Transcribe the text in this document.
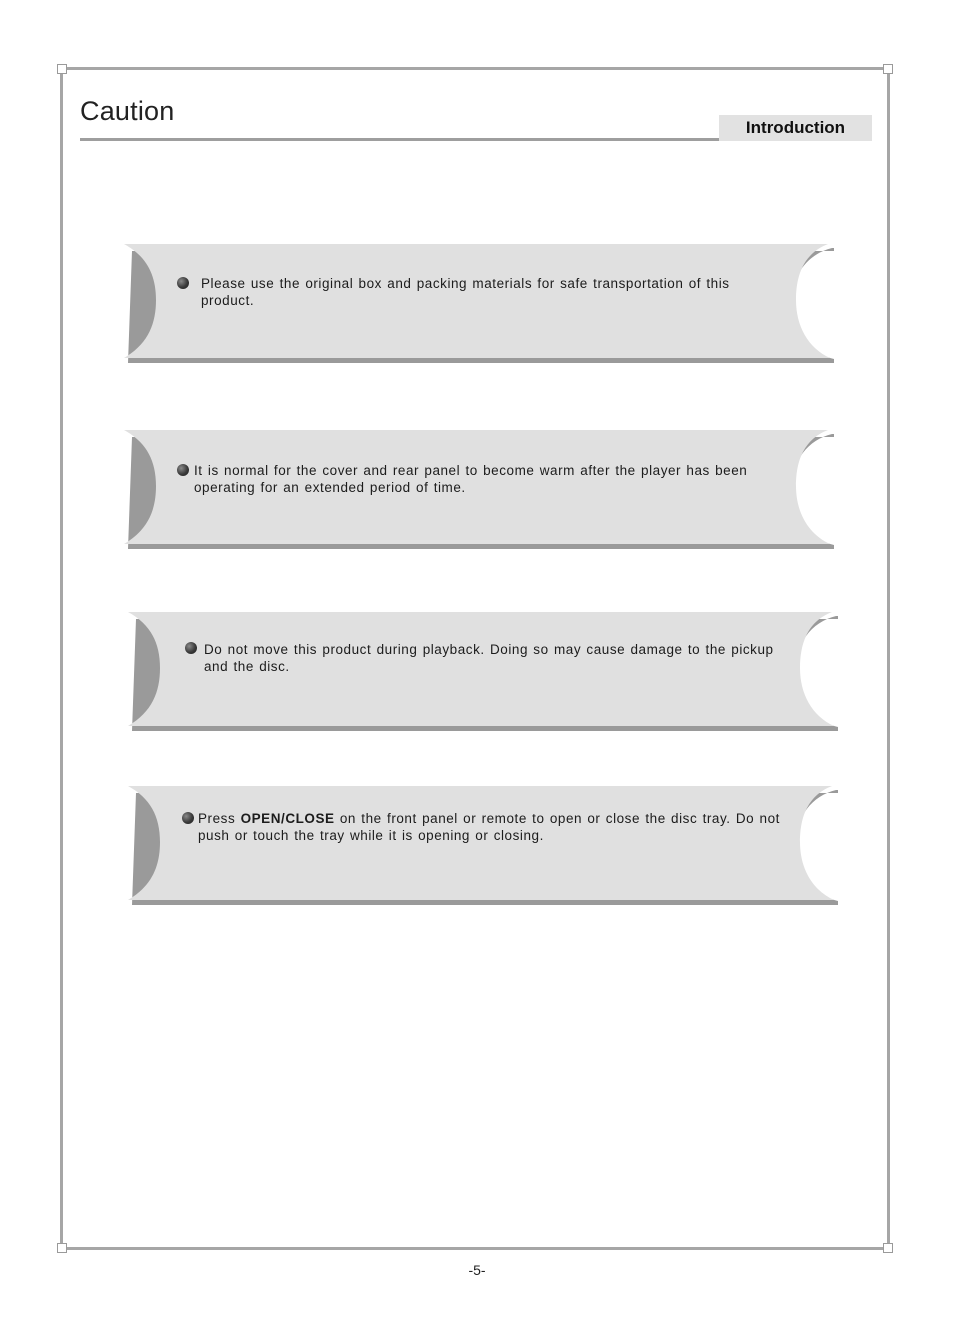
Caution
Introduction

Please use the original box and packing materials for safe transportation of this product.

It is normal for the cover and rear panel to become warm after the player has been operating for an extended period of time.

Do not move this product during playback. Doing so may cause damage to the pickup and the disc.

Press OPEN/CLOSE on the front panel or remote to open or close the disc tray. Do not push or touch the tray while it is opening or closing.

-5-
